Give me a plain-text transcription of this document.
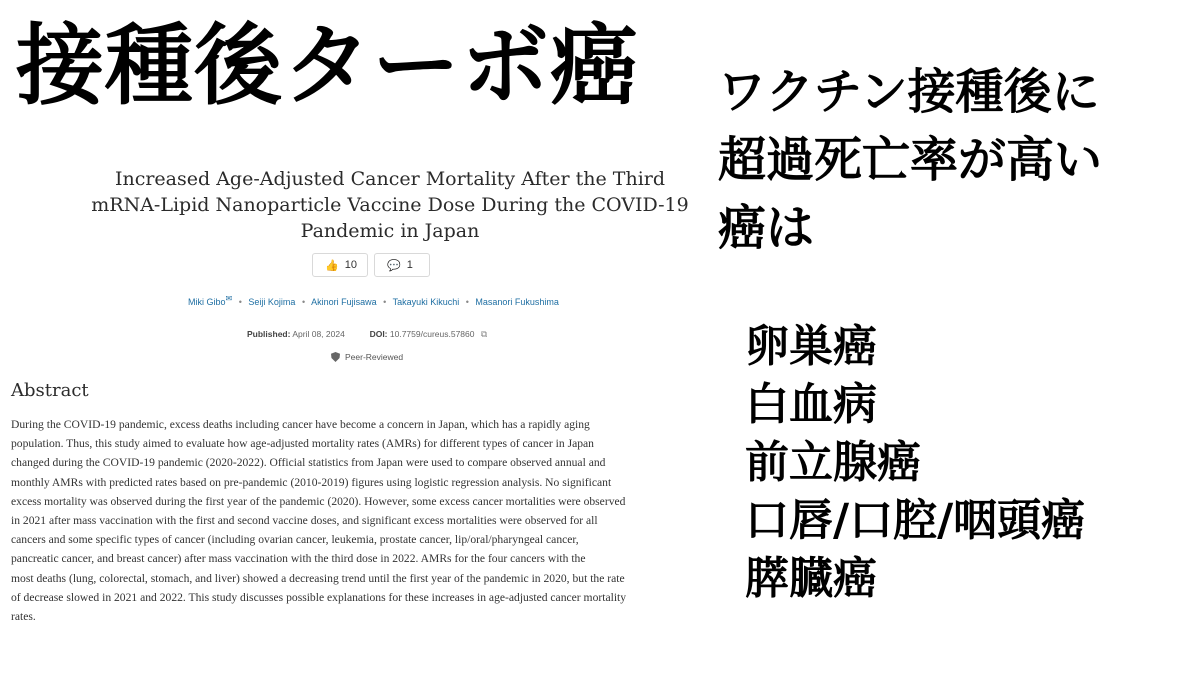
接種後ターボ癌 ワクチン接種後に
超過死亡率が高い
癌は
卵巣癌
白血病
前立腺癌
口唇/口腔/咽頭癌
膵臓癌
Increased Age-Adjusted Cancer Mortality After the Third
mRNA-Lipid Nanoparticle Vaccine Dose During the COVID-19
Pandemic in Japan
👍 10	💬 1
Miki Gibo✉ • Seiji Kojima • Akinori Fujisawa • Takayuki Kikuchi • Masanori Fukushima
Published: April 08, 2024	DOI: 10.7759/cureus.57860 ⧉
Peer-Reviewed
Abstract
During the COVID-19 pandemic, excess deaths including cancer have become a concern in Japan, which has a rapidly aging
population. Thus, this study aimed to evaluate how age-adjusted mortality rates (AMRs) for different types of cancer in Japan
changed during the COVID-19 pandemic (2020-2022). Official statistics from Japan were used to compare observed annual and
monthly AMRs with predicted rates based on pre-pandemic (2010-2019) figures using logistic regression analysis. No significant
excess mortality was observed during the first year of the pandemic (2020). However, some excess cancer mortalities were observed
in 2021 after mass vaccination with the first and second vaccine doses, and significant excess mortalities were observed for all
cancers and some specific types of cancer (including ovarian cancer, leukemia, prostate cancer, lip/oral/pharyngeal cancer,
pancreatic cancer, and breast cancer) after mass vaccination with the third dose in 2022. AMRs for the four cancers with the
most deaths (lung, colorectal, stomach, and liver) showed a decreasing trend until the first year of the pandemic in 2020, but the rate
of decrease slowed in 2021 and 2022. This study discusses possible explanations for these increases in age-adjusted cancer mortality
rates.
